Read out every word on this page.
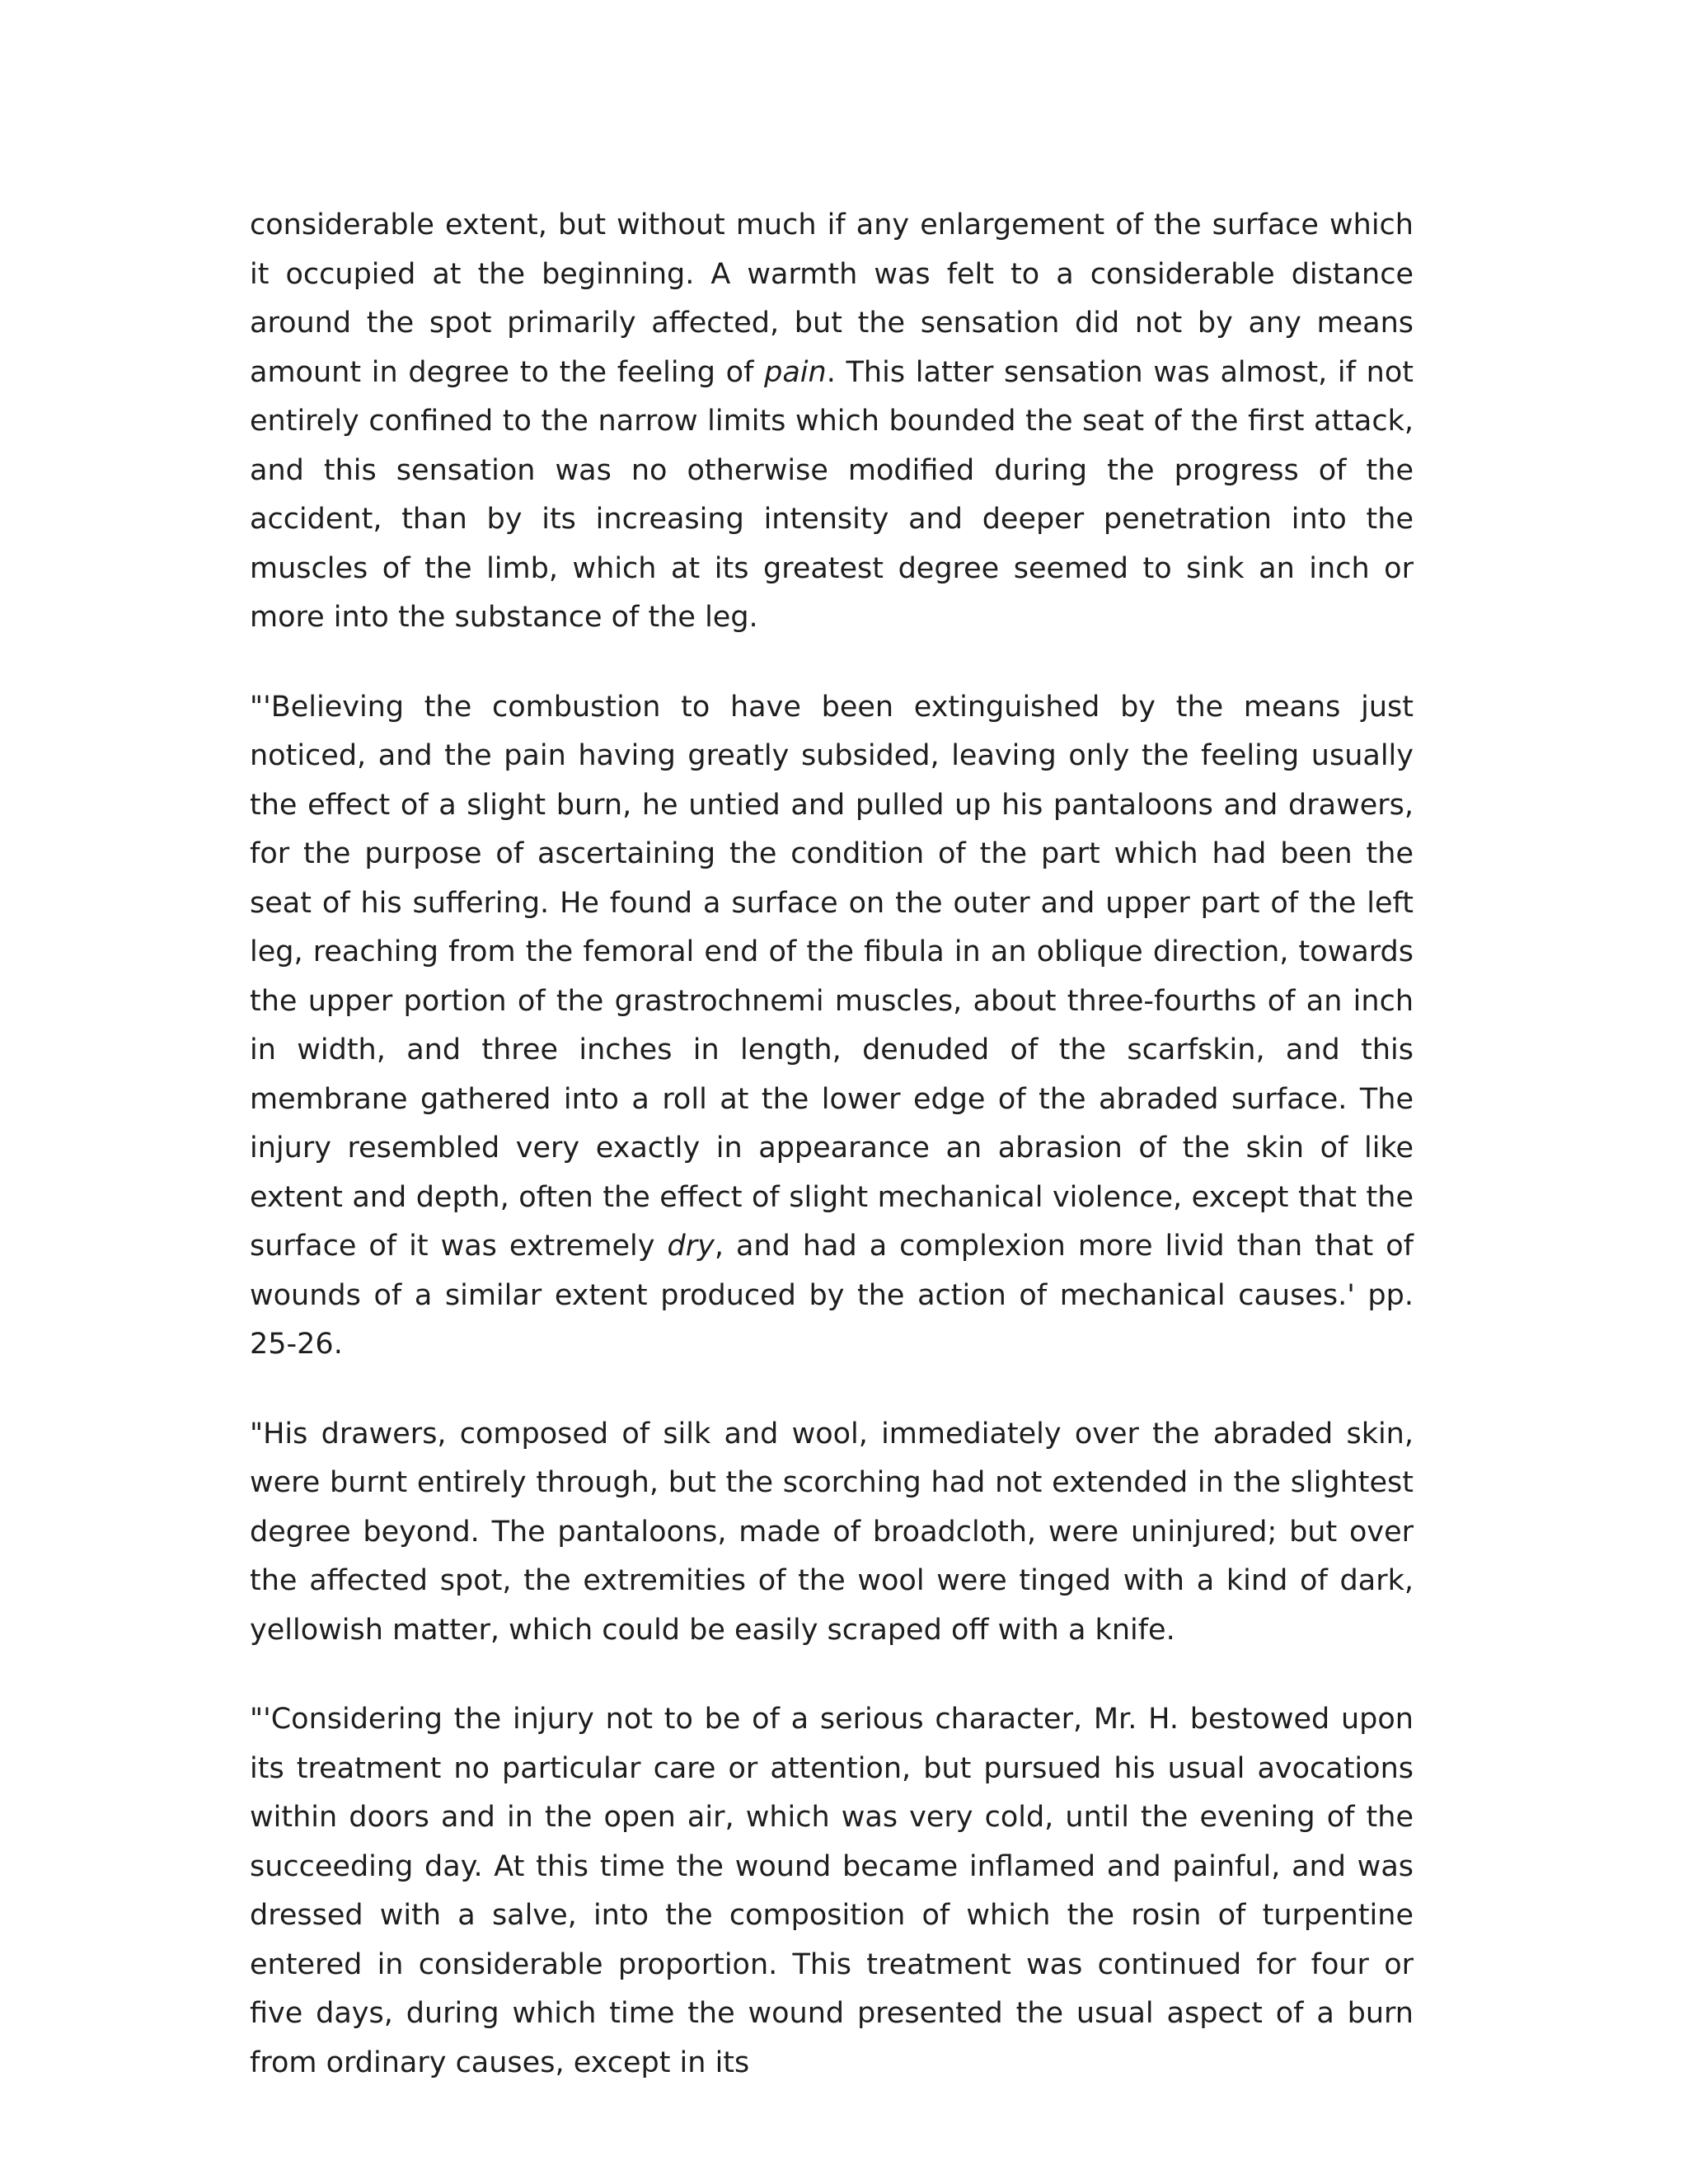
considerable extent, but without much if any enlargement of the surface which it occupied at the beginning. A warmth was felt to a considerable distance around the spot primarily affected, but the sensation did not by any means amount in degree to the feeling of pain. This latter sensation was almost, if not entirely confined to the narrow limits which bounded the seat of the first attack, and this sensation was no otherwise modified during the progress of the accident, than by its increasing intensity and deeper penetration into the muscles of the limb, which at its greatest degree seemed to sink an inch or more into the substance of the leg.

"'Believing the combustion to have been extinguished by the means just noticed, and the pain having greatly subsided, leaving only the feeling usually the effect of a slight burn, he untied and pulled up his pantaloons and drawers, for the purpose of ascertaining the condition of the part which had been the seat of his suffering. He found a surface on the outer and upper part of the left leg, reaching from the femoral end of the fibula in an oblique direction, towards the upper portion of the grastrochnemi muscles, about three-fourths of an inch in width, and three inches in length, denuded of the scarfskin, and this membrane gathered into a roll at the lower edge of the abraded surface. The injury resembled very exactly in appearance an abrasion of the skin of like extent and depth, often the effect of slight mechanical violence, except that the surface of it was extremely dry, and had a complexion more livid than that of wounds of a similar extent produced by the action of mechanical causes.' pp. 25-26.

"His drawers, composed of silk and wool, immediately over the abraded skin, were burnt entirely through, but the scorching had not extended in the slightest degree beyond. The pantaloons, made of broadcloth, were uninjured; but over the affected spot, the extremities of the wool were tinged with a kind of dark, yellowish matter, which could be easily scraped off with a knife.

"'Considering the injury not to be of a serious character, Mr. H. bestowed upon its treatment no particular care or attention, but pursued his usual avocations within doors and in the open air, which was very cold, until the evening of the succeeding day. At this time the wound became inflamed and painful, and was dressed with a salve, into the composition of which the rosin of turpentine entered in considerable proportion. This treatment was continued for four or five days, during which time the wound presented the usual aspect of a burn from ordinary causes, except in its
